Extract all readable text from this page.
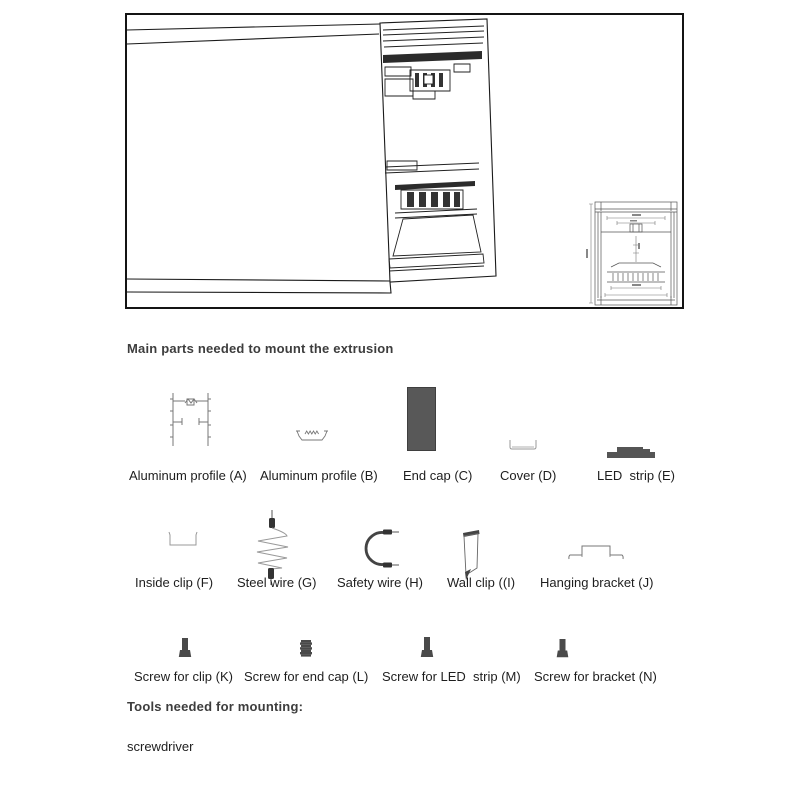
Main parts needed to mount the extrusion
Aluminum profile (A) Aluminum profile (B) End cap (C) Cover (D)	LED  strip (E)
Inside clip (F) Steel wire (G) Safety wire (H) Wall clip ((I) Hanging bracket (J)
Screw for clip (K) Screw for end cap (L) Screw for LED  strip (M) Screw for bracket (N)
Tools needed for mounting:
screwdriver
